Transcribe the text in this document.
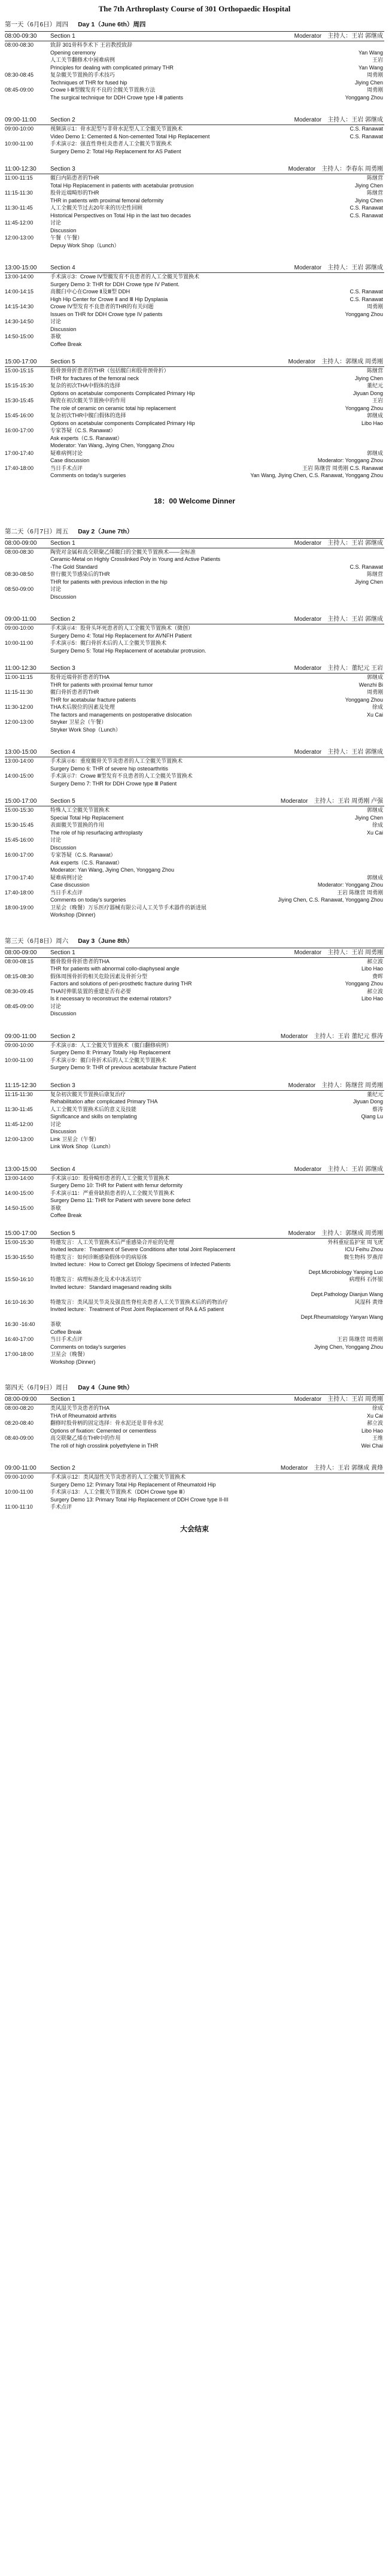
The 7th Arthroplasty Course of 301 Orthopaedic Hospital
第一天（6月6日）周四 Day 1（June 6th）周四
08:00-09:30 Section 1	Moderator 主持人：王岩 郭继成
08:00-08:30	致辞 301骨科李术下 王岩教授致辞
Opening ceremony	Yan Wang
人工关节翻修术中困难病例	王岩
Principles for dealing with complicated primary THR	Yan Wang
08:30-08:45	复杂髋关节置换的手术技巧	周勇刚
Techniques of THR for fused hip	Jiying Chen
08:45-09:00	Crowe Ⅰ-Ⅲ型髋发育不良的全髋关节置换方法	周勇刚
The surgical technique for DDH Crowe type Ⅰ-Ⅲ patients	Yonggang Zhou
09:00-11:00 Section 2	Moderator 主持人：王岩 郭继成
09:00-10:00	视频演示1：骨水泥型与非骨水泥型人工全髋关节置换术	C.S. Ranawat
Video Demo 1: Cemented & Non-cemented Total Hip Replacement	C.S. Ranawat
10:00-11:00	手术演示2：强直性脊柱炎患者人工全髋关节置换术
Surgery Demo 2: Total Hip Replacement for AS Patient
11:00-12:30 Section 3	Moderator 主持人：李春东 周勇刚
11:00-11:15	髋臼内陷患者的THR	陈继营
Total Hip Replacement in patients with acetabular protrusion	Jiying Chen
11:15-11:30	股骨近端畸形的THR	陈继营
THR in patients with proximal femoral deformity	Jiying Chen
11:30-11:45	人工全髋关节过去20年来的历史性回顾	C.S. Ranawat
Historical Perspectives on Total Hip in the last two decades	C.S. Ranawat
11:45-12:00	讨论
Discussion
12:00-13:00	午餐（午餐）
Depuy Work Shop（Lunch）
13:00-15:00 Section 4	Moderator 主持人：王岩 郭继成
13:00-14:00	手术演示3：Crowe IV型髋发育不良患者的人工全髋关节置换术
Surgery Demo 3: THR for DDH Crowe type IV Patient.
14:00-14:15	高髋臼中心在Crowe Ⅱ及Ⅲ型 DDH	C.S. Ranawat
High Hip Center for Crowe Ⅱ and Ⅲ Hip Dysplasia	C.S. Ranawat
14:15-14:30	Crowe IV型发育不良患者的THR的有关问题	周勇刚
Issues on THR for DDH Crowe type IV patients	Yonggang Zhou
14:30-14:50	讨论
Discussion
14:50-15:00	茶歇
Coffee Break
15:00-17:00 Section 5	Moderator 主持人：郭继成 周勇刚
15:00-15:15	股骨颈骨折患者的THR（包括髋臼和股骨颈骨折）	陈继营
THR for fractures of the femoral neck	Jiying Chen
15:15-15:30	复杂的初次THA中假体的选择	董纪元
Options on acetabular components Complicated Primary Hip	Jiyuan Dong
15:30-15:45	陶瓷在初次髋关节置换中的作用	王岩
The role of ceramic on ceramic total hip replacement	Yonggang Zhou
15:45-16:00	复杂初次THR中髋臼假体的选择	郭继成
Options on acetabular components Complicated Primary Hip	Libo Hao
16:00-17:00	专家答疑（C.S. Ranawat）
Ask experts（C.S. Ranawat）
Moderator: Yan Wang, Jiying Chen, Yonggang Zhou
17:00-17:40	疑难病例讨论	郭继成
Case discussion	Moderator: Yonggang Zhou
17:40-18:00	当日手术点评	王岩 陈继营 周勇刚 C.S. Ranawat
Comments on today's surgeries	Yan Wang, Jiying Chen, C.S. Ranawat, Yonggang Zhou
18：00 Welcome Dinner
第二天（6月7日）周五 Day 2（June 7th）
08:00-09:00 Section 1	Moderator 主持人：王岩 郭继成
08:00-08:30	陶瓷对金属和高交联聚乙烯髋臼的全髋关节置换术——金标准
Ceramic-Metal on Highly Crosslinked Poly in Young and Active Patients
-The Gold Standard	C.S. Ranawat
08:30-08:50	曾行髋关节感染后的THR	陈继营
THR for patients with previous infection in the hip	Jiying Chen
08:50-09:00	讨论
Discussion
09:00-11:00 Section 2	Moderator 主持人：王岩 郭继成
09:00-10:00	手术演示4：股骨头坏死患者的人工全髋关节置换术（微创）
Surgery Demo 4: Total Hip Replacement for AVNFH Patient
10:00-11:00	手术演示5：髋臼骨折术后的人工全髋关节置换术
Surgery Demo 5: Total Hip Replacement of acetabular protrusion.
11:00-12:30 Section 3	Moderator 主持人：董纪元 王岩
11:00-11:15	股骨近端骨折患者的THA	郭继成
THR for patients with proximal femur tumor	Wenzhi Bi
11:15-11:30	髋臼骨折患者的THR	周勇刚
THR for acetabular fracture patients	Yonggang Zhou
11:30-12:00	THA术后脱位的因素及处理	徐成
The factors and managements on postoperative dislocation	Xu Cai
12:00-13:00	Stryker 卫星会（午餐）
Stryker Work Shop（Lunch）
13:00-15:00 Section 4	Moderator 主持人：王岩 郭继成
13:00-14:00	手术演示6：重度髋骨关节炎患者的人工全髋关节置换术
Surgery Demo 6: THR of severe hip osteoarthritis
14:00-15:00	手术演示7：Crowe Ⅲ型发育不良患者的人工全髋关节置换术
Surgery Demo 7: THR for DDH Crowe type Ⅲ Patient
15:00-17:00 Section 5	Moderator 主持人：王岩 周勇刚 卢强
15:00-15:30	特殊人工全髋关节置换术	郭继成
Special Total Hip Replacement	Jiying Chen
15:30-15:45	表面髋关节置换的作用	徐成
The role of hip resurfacing arthroplasty	Xu Cai
15:45-16:00	讨论
Discussion
16:00-17:00	专家答疑（C.S. Ranawat）
Ask experts（C.S. Ranawat）
Moderator: Yan Wang, Jiying Chen, Yonggang Zhou
17:00-17:40	疑难病例讨论	郭继成
Case discussion	Moderator: Yonggang Zhou
17:40-18:00	当日手术点评	王岩 陈继营 周勇刚
Comments on today's surgeries	Jiying Chen, C.S. Ranawat, Yonggang Zhou
18:00-19:00	卫星会（晚餐）万乐医疗器械有限公司人工关节手术器件的新进展
Workshop (Dinner)
第三天（6月8日）周六 Day 3（June 8th）
08:00-09:00 Section 1	Moderator 主持人：王岩 周勇刚
08:00-08:15	髂骨股骨骨折患者的THA	郝立波
THR for patients with abnormal collo-diaphyseal angle	Libo Hao
08:15-08:30	假体周围骨折的相关危险因素及骨折分型	费晖
Factors and solutions of peri-prosthetic fracture during THR	Yonggang Zhou
08:30-09:45	THA时伸肌装置的重建是否有必要	郝立波
Is it necessary to reconstruct the external rotators?	Libo Hao
08:45-09:00	讨论
Discussion
09:00-11:00 Section 2	Moderator 主持人：王岩 董纪元 蔡涛
09:00-10:00	手术演示8：人工全髋关节置换术（髋臼翻修病例）
Surgery Demo 8: Primary Totally Hip Replacement
10:00-11:00	手术演示9：髋臼骨折术后的人工全髋关节置换术
Surgery Demo 9: THR of previous acetabular fracture Patient
11:15-12:30 Section 3	Moderator 主持人：陈继营 周勇刚
11:15-11:30	复杂初次髋关节置换后康复治疗	董纪元
Rehabilitation after complicated Primary THA	Jiyuan Dong
11:30-11:45	人工全髋关节置换术后的意义及技能	蔡涛
Significance and skills on templating	Qiang Lu
11:45-12:00	讨论
Discussion
12:00-13:00	Link 卫星会（午餐）
Link Work Shop（Lunch）
13:00-15:00 Section 4	Moderator 主持人：王岩 郭继成
13:00-14:00	手术演示10：股骨畸形患者的人工全髋关节置换术
Surgery Demo 10: THR for Patient with femur deformity
14:00-15:00	手术演示11：严重骨缺损患者的人工全髋关节置换术
Surgery Demo 11: THR for Patient with severe bone defect
14:50-15:00	茶歇
Coffee Break
15:00-17:00 Section 5	Moderator 主持人：郭继成 周勇刚
15:00-15:30	特邀发言：人工关节置换术后严重感染合并症的处理	外科重症监护室 周飞虎
Invited lecture：Treatment of Severe Conditions after total Joint Replacement	ICU Feihu Zhou
15:30-15:50	特邀发言：如何诊断感染假体中的病原体	微生物科 罗燕萍
Invited lecture：How to Correct get Etiology Specimens of Infected Patients

Dept.Microbiology Yanping Luo
15:50-16:10	特邀发言：病理标准化及术中冰冻切片	病理科 石怀银
Invited lecture：Standard imagesand reading skills

Dept.Pathology Dianjun Wang
16:10-16:30	特邀发言：类风湿关节炎及强直性脊柱炎患者人工关节置换术后的药物治疗	风湿科 黄烽
Invited lecture：Treatment of Post Joint Replacement of RA & AS patient

Dept.Rheumatology Yanyan Wang
16:30 -16:40	茶歇
Coffee Break
16:40-17:00	当日手术点评	王岩 陈继营 周勇刚
Comments on today's surgeries	Jiying Chen, Yonggang Zhou
17:00-18:00	卫星会（晚餐）
Workshop (Dinner)
第四天（6月9日）周日 Day 4（June 9th）
08:00-09:00 Section 1	Moderator 主持人：王岩 周勇刚
08:00-08:20	类风湿关节炎患者的THA	徐成
THA of Rheumatoid arthritis	Xu Cai
08:20-08:40	翻修时股骨柄的固定选择：骨水泥还是非骨水泥	郝立波
Options of fixation: Cemented or cementless	Libo Hao
08:40-09:00	高交联聚乙烯在THR中的作用	王维
The roll of high crosslink polyethylene in THR	Wei Chai
09:00-11:00 Section 2	Moderator 主持人：王岩 郭继成 黄烽
09:00-10:00	手术演示12：类风湿性关节炎患者的人工全髋关节置换术
Surgery Demo 12: Primary Total Hip Replacement of Rheumatoid Hip
10:00-11:00	手术演示13：人工全髋关节置换术（DDH Crowe type Ⅲ）
Surgery Demo 13: Primary Total Hip Replacement of DDH Crowe type II-III
11:00-11:10	手术点评
大会结束
